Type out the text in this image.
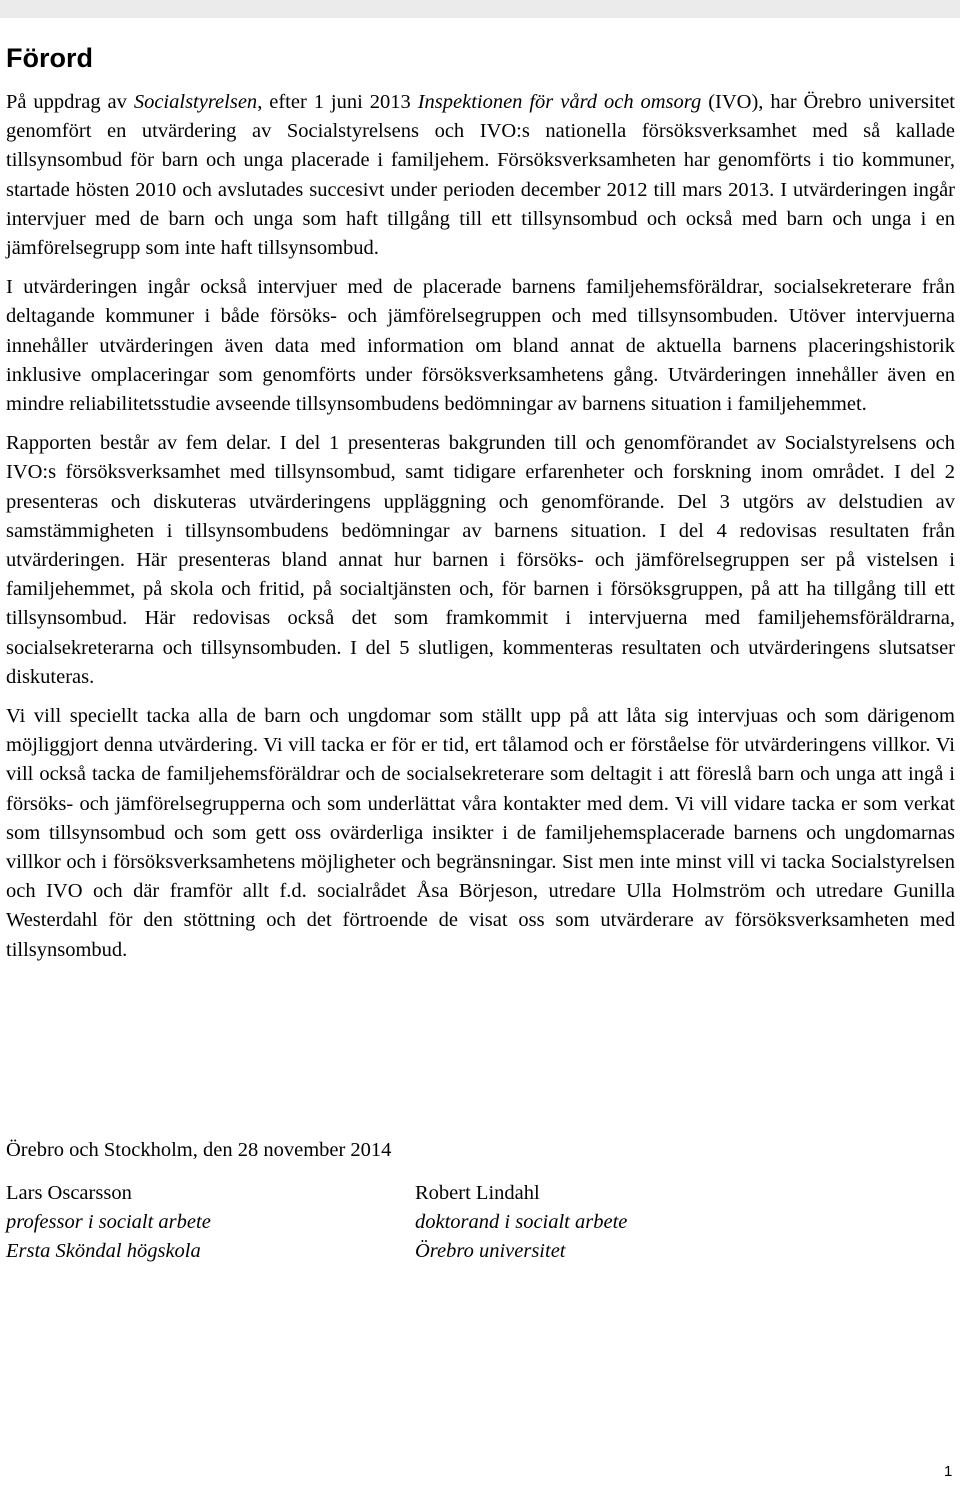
Förord

På uppdrag av Socialstyrelsen, efter 1 juni 2013 Inspektionen för vård och omsorg (IVO), har Örebro universitet genomfört en utvärdering av Socialstyrelsens och IVO:s nationella försöksverksamhet med så kallade tillsynsombud för barn och unga placerade i familjehem. Försöksverksamheten har genomförts i tio kommuner, startade hösten 2010 och avslutades succesivt under perioden december 2012 till mars 2013. I utvärderingen ingår intervjuer med de barn och unga som haft tillgång till ett tillsynsombud och också med barn och unga i en jämförelsegrupp som inte haft tillsynsombud.

I utvärderingen ingår också intervjuer med de placerade barnens familjehemsföräldrar, socialsekreterare från deltagande kommuner i både försöks- och jämförelsegruppen och med tillsynsombuden. Utöver intervjuerna innehåller utvärderingen även data med information om bland annat de aktuella barnens placeringshistorik inklusive omplaceringar som genomförts under försöksverksamhetens gång. Utvärderingen innehåller även en mindre reliabilitetsstudie avseende tillsynsombudens bedömningar av barnens situation i familjehemmet.

Rapporten består av fem delar. I del 1 presenteras bakgrunden till och genomförandet av Socialstyrelsens och IVO:s försöksverksamhet med tillsynsombud, samt tidigare erfarenheter och forskning inom området. I del 2 presenteras och diskuteras utvärderingens uppläggning och genomförande. Del 3 utgörs av delstudien av samstämmigheten i tillsynsombudens bedömningar av barnens situation. I del 4 redovisas resultaten från utvärderingen. Här presenteras bland annat hur barnen i försöks- och jämförelsegruppen ser på vistelsen i familjehemmet, på skola och fritid, på socialtjänsten och, för barnen i försöksgruppen, på att ha tillgång till ett tillsynsombud. Här redovisas också det som framkommit i intervjuerna med familjehemsföräldrarna, socialsekreterarna och tillsynsombuden. I del 5 slutligen, kommenteras resultaten och utvärderingens slutsatser diskuteras.

Vi vill speciellt tacka alla de barn och ungdomar som ställt upp på att låta sig intervjuas och som därigenom möjliggjort denna utvärdering. Vi vill tacka er för er tid, ert tålamod och er förståelse för utvärderingens villkor. Vi vill också tacka de familjehemsföräldrar och de socialsekreterare som deltagit i att föreslå barn och unga att ingå i försöks- och jämförelsegrupperna och som underlättat våra kontakter med dem. Vi vill vidare tacka er som verkat som tillsynsombud och som gett oss ovärderliga insikter i de familjehemsplacerade barnens och ungdomarnas villkor och i försöksverksamhetens möjligheter och begränsningar. Sist men inte minst vill vi tacka Socialstyrelsen och IVO och där framför allt f.d. socialrådet Åsa Börjeson, utredare Ulla Holmström och utredare Gunilla Westerdahl för den stöttning och det förtroende de visat oss som utvärderare av försöksverksamheten med tillsynsombud.

Örebro och Stockholm, den 28 november 2014

Lars Oscarsson
professor i socialt arbete
Ersta Sköndal högskola
Robert Lindahl
doktorand i socialt arbete
Örebro universitet
1
